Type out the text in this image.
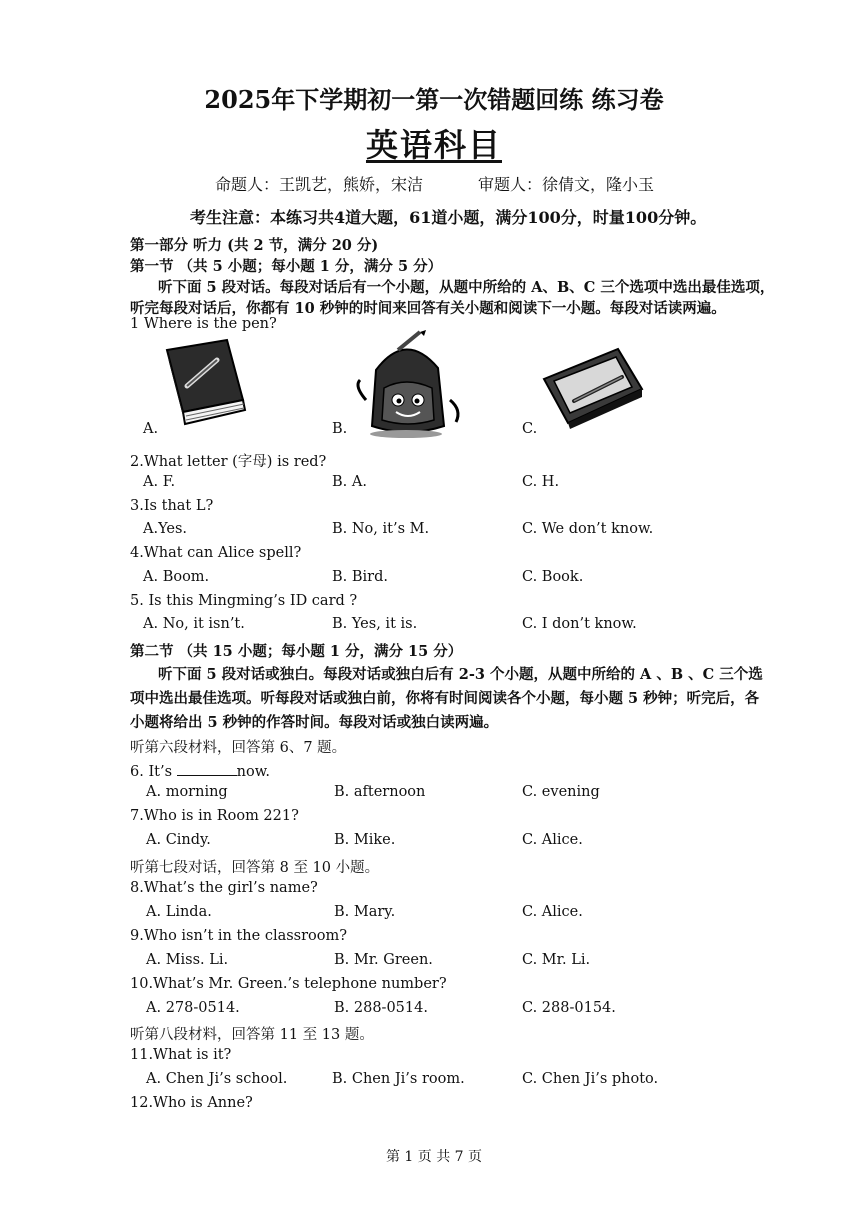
2025年下学期初一第一次错题回练 练习卷
英语科目
命题人：王凯艺，熊娇，宋洁	审题人：徐倩文，隆小玉
考生注意：本练习共4道大题，61道小题，满分100分，时量100分钟。
第一部分 听力 (共 2 节，满分 20 分)
第一节 （共 5 小题；每小题 1 分，满分 5 分）
听下面 5 段对话。每段对话后有一个小题，从题中所给的 A、B、C 三个选项中选出最佳选项，
听完每段对话后，你都有 10 秒钟的时间来回答有关小题和阅读下一小题。每段对话读两遍。
1 Where is the pen?
A.	B.	C.
2.What letter (字母) is red?
A. F.	B. A.	C. H.
3.Is that L?
A.Yes.	B. No, it’s M.	C. We don’t know.
4.What can Alice spell?
A. Boom.	B. Bird.	C. Book.
5. Is this Mingming’s ID card ?
A. No, it isn’t.	B. Yes, it is.	C. I don’t know.
第二节 （共 15 小题；每小题 1 分，满分 15 分）
听下面 5 段对话或独白。每段对话或独白后有 2-3 个小题，从题中所给的 A 、B 、C 三个选
项中选出最佳选项。听每段对话或独白前，你将有时间阅读各个小题，每小题 5 秒钟；听完后，各
小题将给出 5 秒钟的作答时间。每段对话或独白读两遍。
听第六段材料，回答第 6、7 题。
6. It’s	now.
A. morning	B. afternoon	C. evening
7.Who is in Room 221?
A. Cindy.	B. Mike.	C. Alice.
听第七段对话，回答第 8 至 10 小题。
8.What’s the girl’s name?
A. Linda.	B. Mary.	C. Alice.
9.Who isn’t in the classroom?
A. Miss. Li.	B. Mr. Green.	C. Mr. Li.
10.What’s Mr. Green.’s telephone number?
A. 278-0514.	B. 288-0514.	C. 288-0154.
听第八段材料，回答第 11 至 13 题。
11.What is it?
A. Chen Ji’s school.	B. Chen Ji’s room.	C. Chen Ji’s photo.
12.Who is Anne?
第 1 页 共 7 页
